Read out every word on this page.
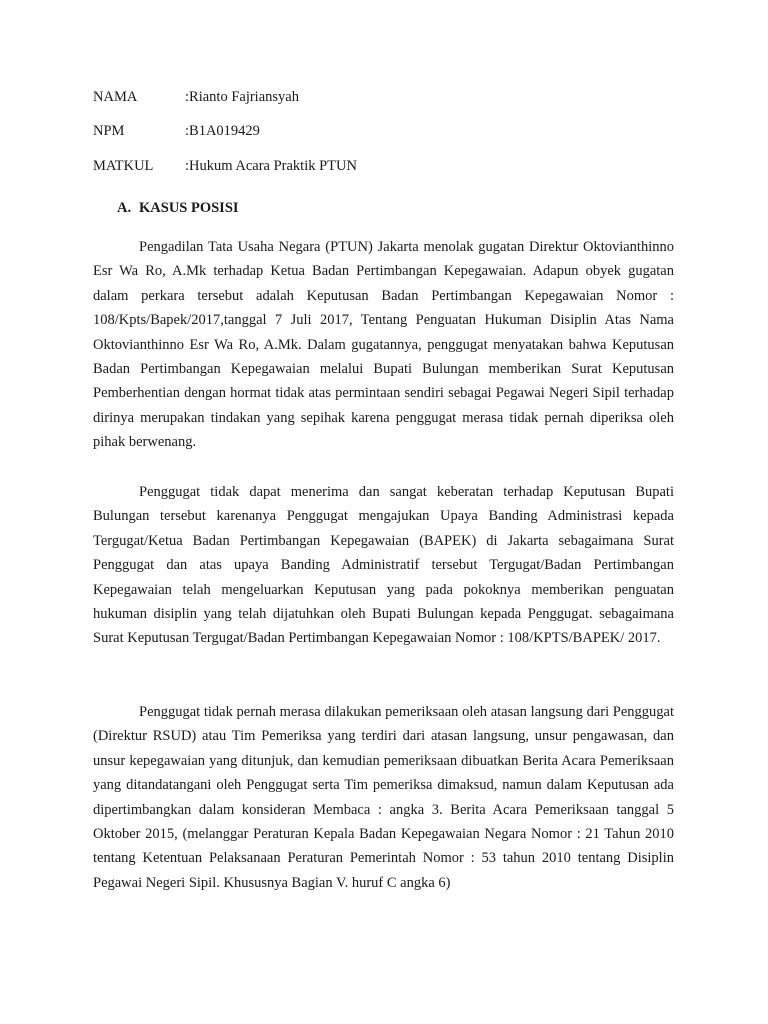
NAMA	:Rianto Fajriansyah
NPM	:B1A019429
MATKUL :Hukum Acara Praktik PTUN
A. KASUS POSISI

Pengadilan Tata Usaha Negara (PTUN) Jakarta menolak gugatan Direktur Oktovianthinno Esr Wa Ro, A.Mk terhadap Ketua Badan Pertimbangan Kepegawaian. Adapun obyek gugatan dalam perkara tersebut adalah Keputusan Badan Pertimbangan Kepegawaian Nomor : 108/Kpts/Bapek/2017,tanggal 7 Juli 2017, Tentang Penguatan Hukuman Disiplin Atas Nama Oktovianthinno Esr Wa Ro, A.Mk. Dalam gugatannya, penggugat menyatakan bahwa Keputusan Badan Pertimbangan Kepegawaian melalui Bupati Bulungan memberikan Surat Keputusan Pemberhentian dengan hormat tidak atas permintaan sendiri sebagai Pegawai Negeri Sipil terhadap dirinya merupakan tindakan yang sepihak karena penggugat merasa tidak pernah diperiksa oleh pihak berwenang.

Penggugat tidak dapat menerima dan sangat keberatan terhadap Keputusan Bupati Bulungan tersebut karenanya Penggugat mengajukan Upaya Banding Administrasi kepada Tergugat/Ketua Badan Pertimbangan Kepegawaian (BAPEK) di Jakarta sebagaimana Surat Penggugat dan atas upaya Banding Administratif tersebut Tergugat/Badan Pertimbangan Kepegawaian telah mengeluarkan Keputusan yang pada pokoknya memberikan penguatan hukuman disiplin yang telah dijatuhkan oleh Bupati Bulungan kepada Penggugat. sebagaimana Surat Keputusan Tergugat/Badan Pertimbangan Kepegawaian Nomor : 108/KPTS/BAPEK/ 2017.

Penggugat tidak pernah merasa dilakukan pemeriksaan oleh atasan langsung dari Penggugat (Direktur RSUD) atau Tim Pemeriksa yang terdiri dari atasan langsung, unsur pengawasan, dan unsur kepegawaian yang ditunjuk, dan kemudian pemeriksaan dibuatkan Berita Acara Pemeriksaan yang ditandatangani oleh Penggugat serta Tim pemeriksa dimaksud, namun dalam Keputusan ada dipertimbangkan dalam konsideran Membaca : angka 3. Berita Acara Pemeriksaan tanggal 5 Oktober 2015, (melanggar Peraturan Kepala Badan Kepegawaian Negara Nomor : 21 Tahun 2010 tentang Ketentuan Pelaksanaan Peraturan Pemerintah Nomor : 53 tahun 2010 tentang Disiplin Pegawai Negeri Sipil. Khususnya Bagian V. huruf C angka 6)
